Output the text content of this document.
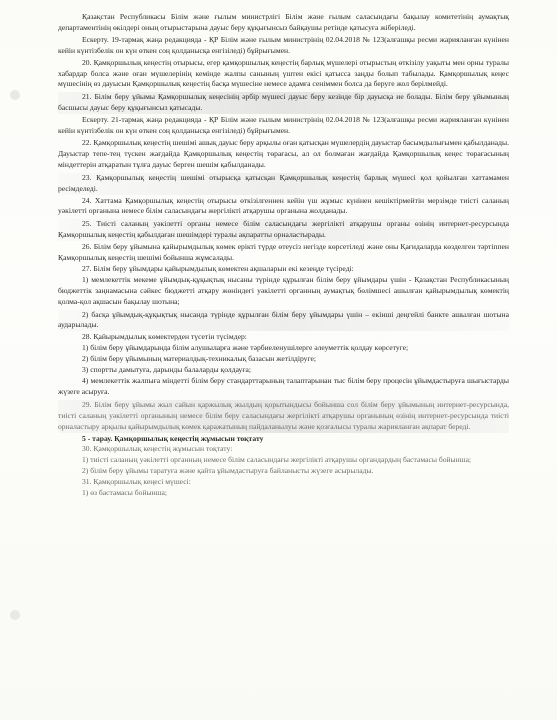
Қазақстан Республикасы Білім және ғылым министрлігі Білім және ғылым саласындағы бақылау комитетінің аумақтық департаментінің өкілдері оның отырыстарына дауыс беру құқығынсыз байқаушы ретінде қатысуға жіберіледі.

Ескерту. 19-тармақ жаңа редакцияда - ҚР Білім және ғылым министрінің 02.04.2018 № 123(алғашқы ресми жарияланған күнінен кейін күнтізбелік он күн өткен соң қолданысқа енгізіледі) бұйрығымен.

20. Қамқоршылық кеңестің отырысы, егер қамқоршылық кеңестің барлық мүшелері отырыстың өткізілу уақыты мен орны туралы хабардар болса және оған мүшелерінің кемінде жалпы санының үштен екісі қатысса заңды болып табылады. Қамқоршылық кеңес мүшесінің өз дауысын Қамқоршылық кеңестің басқа мүшесіне немесе адамға сеніммен болса да беруге жол берілмейді.

21. Білім беру ұйымы Қамқоршылық кеңесінің әрбір мүшесі дауыс беру кезінде бір дауысқа ие болады. Білім беру ұйымының басшысы дауыс беру құқығынсыз қатысады.

Ескерту. 21-тармақ жаңа редакцияда - ҚР Білім және ғылым министрінің 02.04.2018 № 123(алғашқы ресми жарияланған күнінен кейін күнтізбелік он күн өткен соң қолданысқа енгізіледі) бұйрығымен.

22. Қамқоршылық кеңестің шешімі ашық дауыс беру арқылы оған қатысқан мүшелердің дауыстар басымдылығымен қабылданады. Дауыстар тепе-тең түскен жағдайда Қамқоршылық кеңестің төрағасы, ал ол болмаған жағдайда Қамқоршылық кеңес төрағасының міндеттерін атқаратын тұлға дауыс берген шешім қабылданады.

23. Қамқоршылық кеңестің шешімі отырысқа қатысқан Қамқоршылық кеңестің барлық мүшесі қол қойылған хаттамамен ресімделеді.

24. Хаттама Қамқоршылық кеңестің отырысы өткізілгеннен кейін үш жұмыс күнінен кешіктірмейтін мерзімде тиісті саланың уәкілетті органына немесе білім саласындағы жергілікті атқарушы органына жолданады.

25. Тиісті саланың уәкілетті органы немесе білім саласындағы жергілікті атқарушы органы өзінің интернет-ресурсында Қамқоршылық кеңестің қабылдаған шешімдері туралы ақпаратты орналастырады.

26. Білім беру ұйымына қайырымдылық көмек ерікті түрде өтеусіз негізде көрсетіледі және оны Қағидаларда көзделген тәртіппен Қамқоршылық кеңестің шешімі бойынша жұмсалады.

27. Білім беру ұйымдары қайырымдылық көмектен ақшаларын екі кезеңде түсіреді:

1) мемлекеттік мекеме ұйымдық-құқықтық нысаны түрінде құрылған білім беру ұйымдары үшін - Қазақстан Республикасының бюджеттік заңнамасына сәйкес бюджетті атқару жөніндегі уәкілетті органның аумақтық бөлімшесі ашылған қайырымдылық көмектің қолма-қол ақшасын бақылау шотына;

2) басқа ұйымдық-құқықтық нысанда түрінде құрылған білім беру ұйымдары үшін – екінші деңгейлі банкте ашылған шотына аударылады.

28. Қайырымдылық көмектерден түсетін түсімдер:

1) білім беру ұйымдарында білім алушыларға және тәрбиеленушілерге әлеуметтік қолдау көрсетуге;

2) білім беру ұйымының материалдық-техникалық базасын жетілдіруге;

3) спортты дамытуға, дарынды балаларды қолдауға;

4) мемлекеттік жалпыға міндетті білім беру стандарттарының талаптарынан тыс білім беру процесін ұйымдастыруға шығыстарды жүзеге асыруға.

29. Білім беру ұйымы жыл сайын қаржылық жылдың қорытындысы бойынша сол білім беру ұйымының интернет-ресурсында, тиісті саланың уәкілетті органының немесе білім беру саласындағы жергілікті атқарушы органының өзінің интернет-ресурсында тиісті орналастыру арқылы қайырымдылық көмек қаражатының пайдаланылуы және қозғалысы туралы жарияланған ақпарат береді.

5 - тарау. Қамқоршылық кеңестің жұмысын тоқтату

30. Қамқоршылық кеңестің жұмысын тоқтату:

1) тиісті саланың уәкілетті органның немесе білім саласындағы жергілікті атқарушы органдардың бастамасы бойынша;

2) білім беру ұйымы таратуға және қайта ұйымдастыруға байланысты жүзеге асырылады.

31. Қамқоршылық кеңесі мүшесі:

1) өз бастамасы бойынша;
